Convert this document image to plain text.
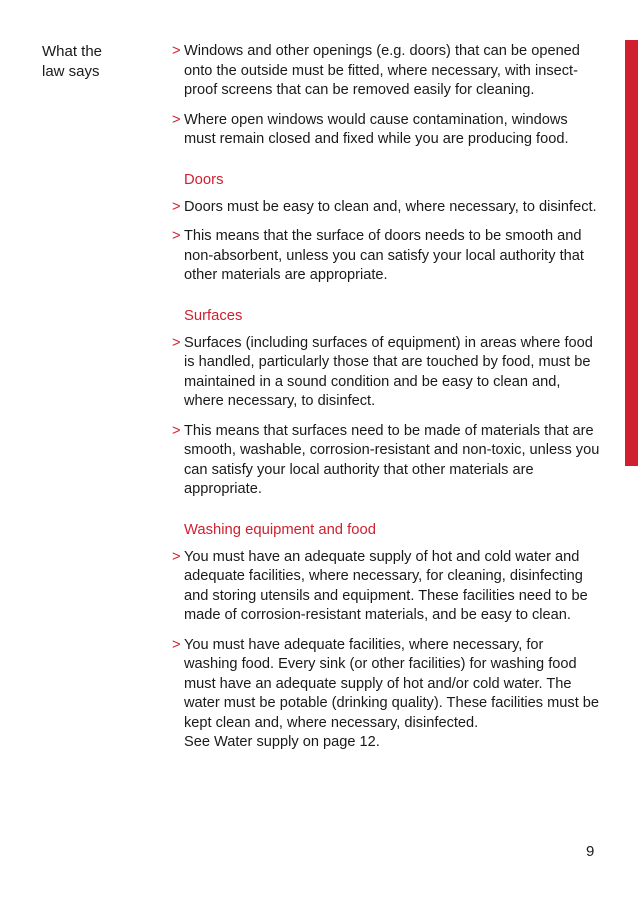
What the
law says
> Windows and other openings (e.g. doors) that can be opened onto the outside must be fitted, where necessary, with insect-proof screens that can be removed easily for cleaning.
> Where open windows would cause contamination, windows must remain closed and fixed while you are producing food.
Doors
> Doors must be easy to clean and, where necessary, to disinfect.
> This means that the surface of doors needs to be smooth and non-absorbent, unless you can satisfy your local authority that other materials are appropriate.
Surfaces
> Surfaces (including surfaces of equipment) in areas where food is handled, particularly those that are touched by food, must be maintained in a sound condition and be easy to clean and, where necessary, to disinfect.
> This means that surfaces need to be made of materials that are smooth, washable, corrosion-resistant and non-toxic, unless you can satisfy your local authority that other materials are appropriate.
Washing equipment and food
> You must have an adequate supply of hot and cold water and adequate facilities, where necessary, for cleaning, disinfecting and storing utensils and equipment. These facilities need to be made of corrosion-resistant materials, and be easy to clean.
> You must have adequate facilities, where necessary, for washing food. Every sink (or other facilities) for washing food must have an adequate supply of hot and/or cold water. The water must be potable (drinking quality). These facilities must be kept clean and, where necessary, disinfected.
See Water supply on page 12.
9
